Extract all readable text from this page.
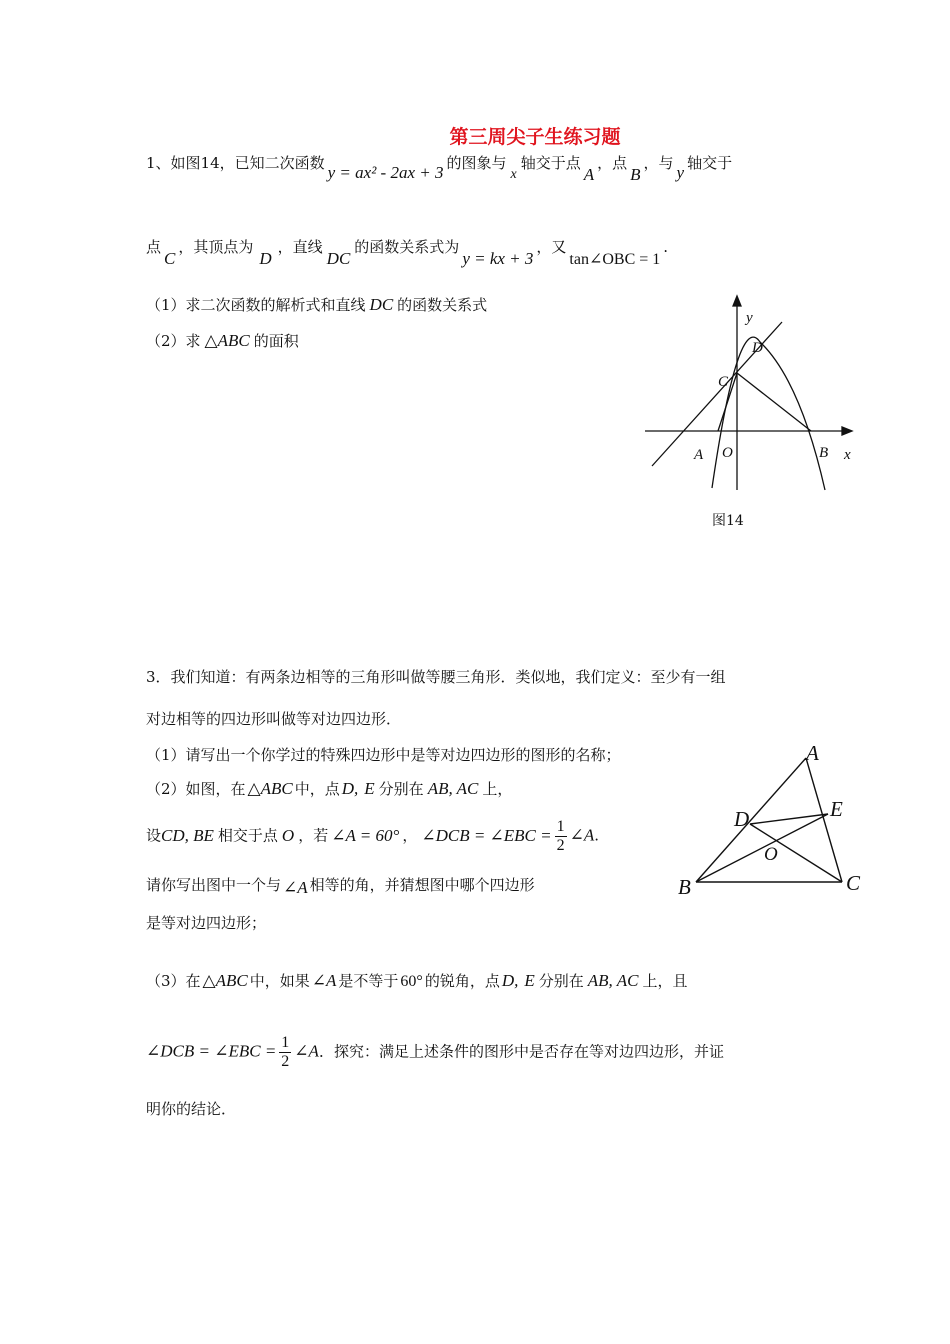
第三周尖子生练习题
1、如图14，已知二次函数 y = ax² - 2ax + 3 的图象与x轴交于点A，点B，与 y 轴交于
点C，其顶点为D，直线DC的函数关系式为y = kx + 3，又tan∠OBC = 1.
（1）求二次函数的解析式和直线 DC 的函数关系式
（2）求 △ABC 的面积
y
D
C
A O	B x
图14
3．我们知道：有两条边相等的三角形叫做等腰三角形．类似地，我们定义：至少有一组
对边相等的四边形叫做等对边四边形．
（1）请写出一个你学过的特殊四边形中是等对边四边形的图形的名称；
（2）如图，在 △ABC 中，点 D, E 分别在 AB, AC 上，
设CD, BE 相交于点 O ，若 ∠A = 60° ， ∠DCB = ∠EBC = $\frac{1}{2}$ ∠A.
请你写出图中一个与 ∠A 相等的角，并猜想图中哪个四边形
是等对边四边形；
A
E
D
O
B	C
（3）在 △ABC 中，如果 ∠A 是不等于 60° 的锐角，点 D, E 分别在 AB, AC 上，且
∠DCB = ∠EBC = $\frac{1}{2}$ ∠A．探究：满足上述条件的图形中是否存在等对边四边形，并证
明你的结论．
